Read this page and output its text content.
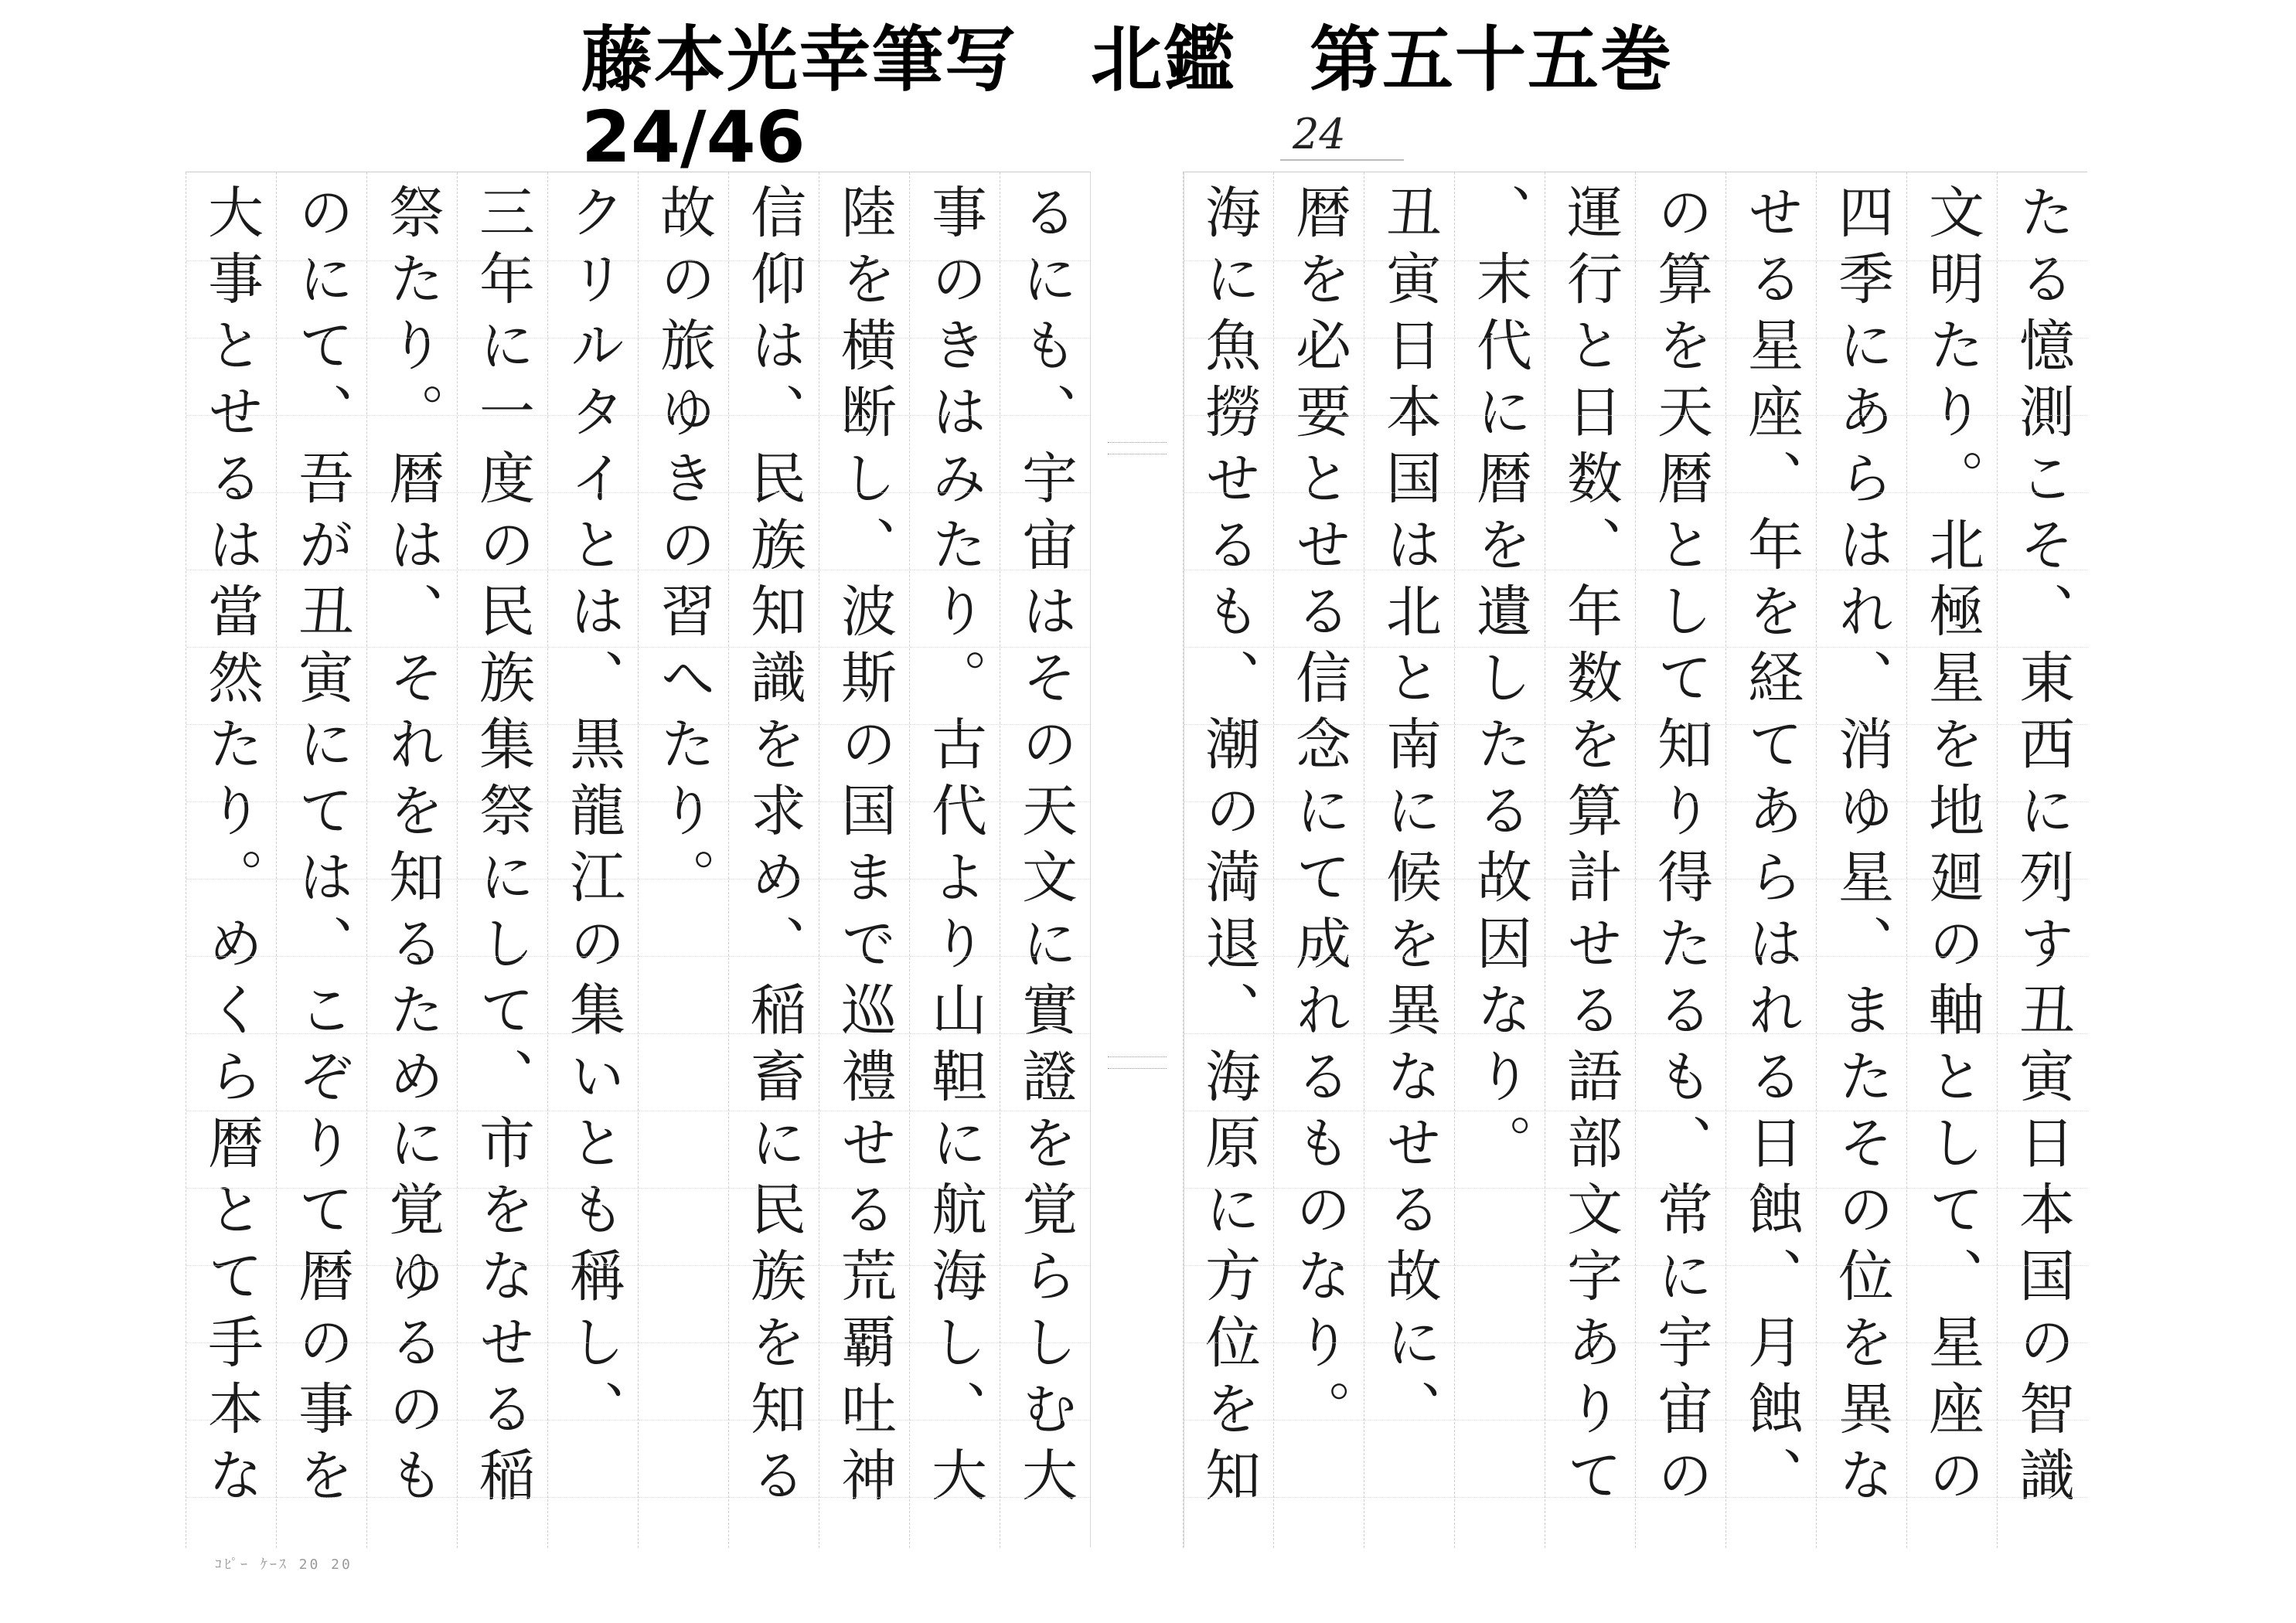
藤本光幸筆写 北鑑 第五十五巻
24/46	24
たる憶測こそ、東西に列す丑寅日本国の智識
文明たり。北極星を地廻の軸として、星座の
四季にあらはれ、消ゆ星、またその位を異な
せる星座、年を経てあらはれる日蝕、月蝕、
の算を天暦として知り得たるも、常に宇宙の
運行と日数、年数を算計せる語部文字ありて
、末代に暦を遺したる故因なり。
丑寅日本国は北と南に候を異なせる故に、
暦を必要とせる信念にて成れるものなり。
海に魚撈せるも、潮の満退、海原に方位を知
るにも、宇宙はその天文に實證を覚らしむ大
事のきはみたり。古代より山靼に航海し、大
陸を横断し、波斯の国まで巡禮せる荒覇吐神
信仰は、民族知識を求め、稲畜に民族を知る
故の旅ゆきの習へたり。
クリルタイとは、黒龍江の集いとも稱し、
三年に一度の民族集祭にして、市をなせる稲
祭たり。暦は、それを知るために覚ゆるのも
のにて、吾が丑寅にては、こぞりて暦の事を
大事とせるは當然たり。めくら暦とて手本な
ｺﾋﾟｰ ｹｰｽ 20 20
